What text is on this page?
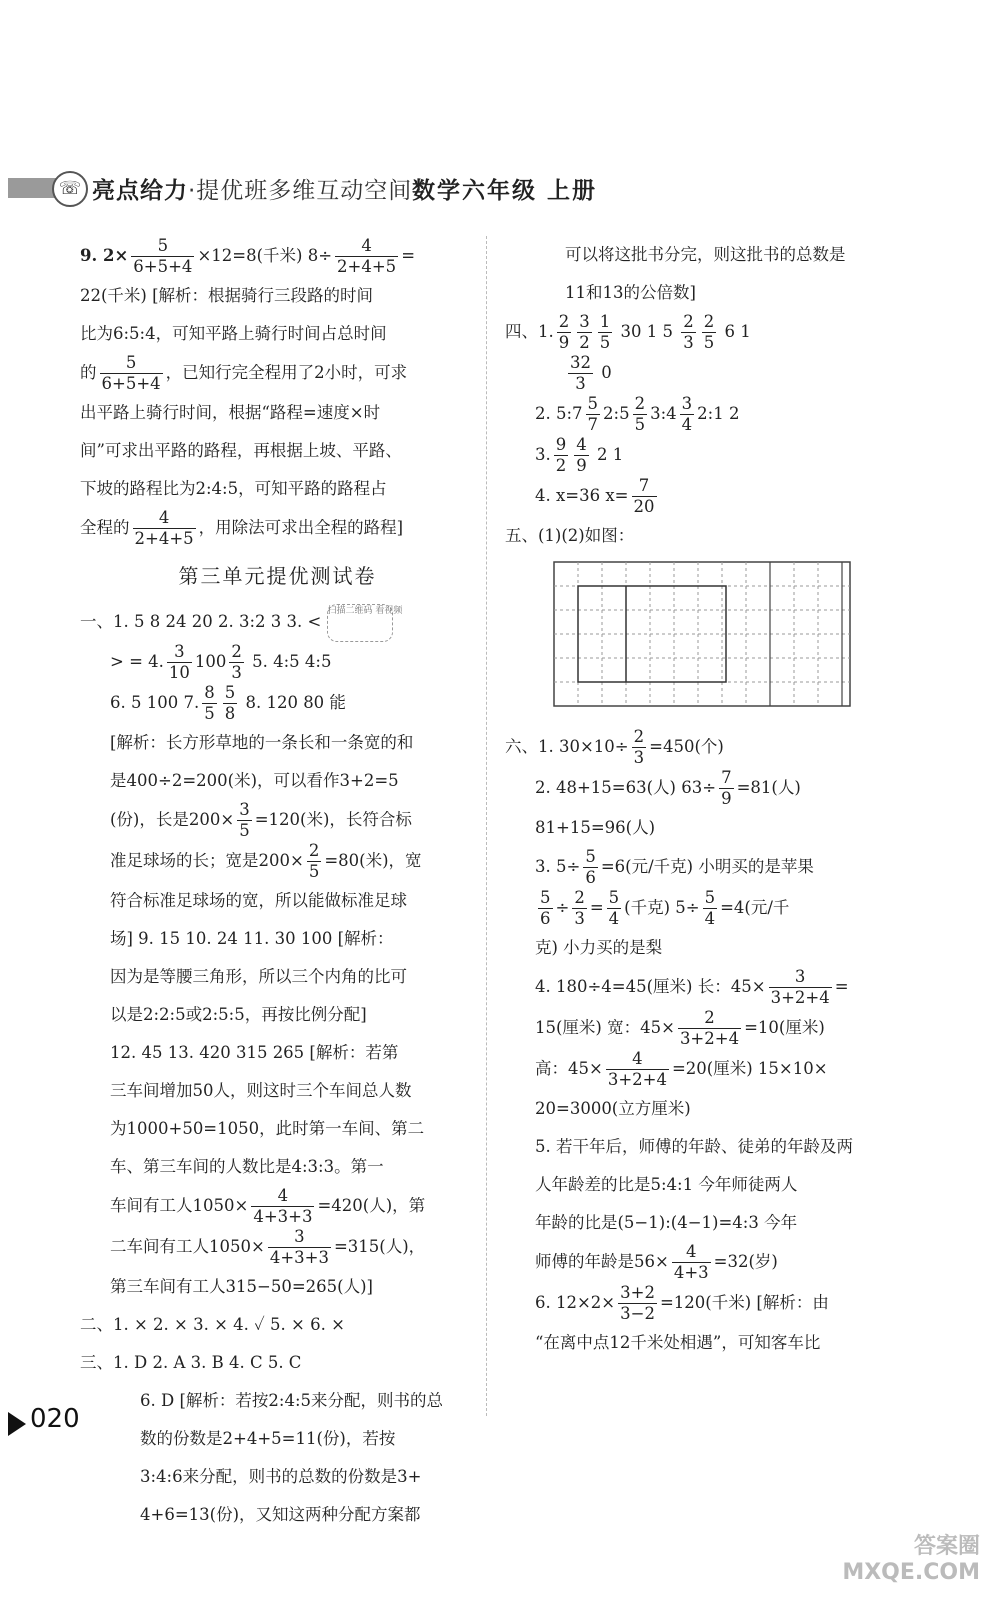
☏ 亮点给力·提优班多维互动空间 数学六年级 上册
9. $2\times \frac{5}{6+5+4} \times 12=8$(千米) $8\div \frac{4}{2+4+5}$ =
22(千米) [解析：根据骑行三段路的时间
比为6:5:4，可知平路上骑行时间占总时间
的 $\frac{5}{6+5+4}$ ，已知行完全程用了2小时，可求
出平路上骑行时间，根据“路程=速度×时
间”可求出平路的路程，再根据上坡、平路、
下坡的路程比为2:4:5，可知平路的路程占
全程的 $\frac{4}{2+4+5}$ ，用除法可求出全程的路程]
第三单元提优测试卷
一、1. 5 8 24 20 2. 3:2 3 3. < 扫描二维码 看视频
> = 4. $\frac{3}{10} 100 \frac{2}{3} 5$. 4:5 4:5
6. 5 100 7. $\frac{8}{5} \frac{5}{8} 8$. 120 80 能
[解析：长方形草地的一条长和一条宽的和
是400÷2=200(米)，可以看作3+2=5
(份)，长是$200\times \frac{3}{5} =120$(米)，长符合标
准足球场的长；宽是$200\times \frac{2}{5} =80$(米)，宽
符合标准足球场的宽，所以能做标准足球
场] 9. 15 10. 24 11. 30 100 [解析：
因为是等腰三角形，所以三个内角的比可
以是2:2:5或2:5:5，再按比例分配]
12. 45 13. 420 315 265 [解析：若第
三车间增加50人，则这时三个车间总人数
为1000+50=1050，此时第一车间、第二
车、第三车间的人数比是4:3:3。第一
车间有工人$1050\times \frac{4}{4+3+3} =420$(人)，第
二车间有工人$1050\times \frac{3}{4+3+3} =315$(人)，
第三车间有工人315−50=265(人)]
二、1. × 2. × 3. × 4. ✓ 5. × 6. ×
三、1. D 2. A 3. B 4. C 5. C
6. D [解析：若按2:4:5来分配，则书的总
数的份数是2+4+5=11(份)，若按
3:4:6来分配，则书的总数的份数是3+
4+6=13(份)，又知这两种分配方案都
可以将这批书分完，则这批书的总数是
11和13的公倍数]
四、1. $\frac{2}{9} \frac{3}{2} \frac{1}{5} 30$ 1 $5 \frac{2}{3} \frac{2}{5} 6$ 1
$\frac{32}{3} 0$
2. 5:7 $\frac{5}{7}$ 2:5 $\frac{2}{5}$ 3:4 $\frac{3}{4}$ 2:1 2
3. $\frac{9}{2} \frac{4}{9} 2$ 1
4. x=36 $x= \frac{7}{20}$
五、(1)(2)如图：
六、1. $30\times 10\div \frac{2}{3} =450$(个)
2. 48+15=63(人) $63\div \frac{7}{9} =81$(人)
81+15=96(人)
3. $5\div \frac{5}{6} =6$(元/千克) 小明买的是苹果
$\frac{5}{6} \div \frac{2}{3} = \frac{5}{4}$ (千克) $5\div \frac{5}{4} =4$(元/千
克) 小力买的是梨
4. 180÷4=45(厘米) 长：$45\times \frac{3}{3+2+4}$ =
15(厘米) 宽：$45\times \frac{2}{3+2+4} =10$(厘米)
高：$45\times \frac{4}{3+2+4} =20$(厘米) 15×10×
20=3000(立方厘米)
5. 若干年后，师傅的年龄、徒弟的年龄及两
人年龄差的比是5:4:1 今年师徒两人
年龄的比是(5−1):(4−1)=4:3 今年
师傅的年龄是$56\times \frac{4}{4+3} =32$(岁)
6. $12\times 2\times \frac{3+2}{3-2} =120$(千米) [解析：由
“在离中点12千米处相遇”，可知客车比
020
答案圈
MXQE.COM
